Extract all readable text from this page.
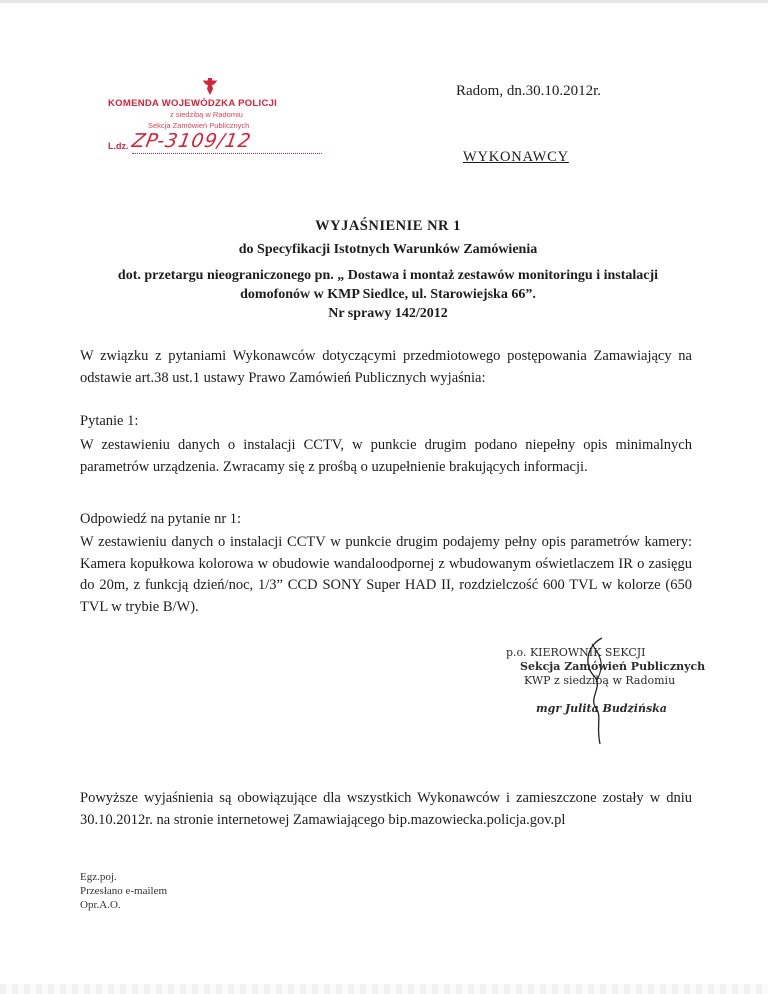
KOMENDA WOJEWÓDZKA POLICJI
z siedzibą w Radomiu
Sekcja Zamówień Publicznych
L.dz. ZP-3109/12
Radom, dn.30.10.2012r.
WYKONAWCY
WYJAŚNIENIE NR 1
do Specyfikacji Istotnych Warunków Zamówienia
dot. przetargu nieograniczonego pn. „ Dostawa i montaż zestawów monitoringu i instalacji
domofonów w KMP Siedlce, ul. Starowiejska 66”.
Nr sprawy 142/2012
W związku z pytaniami Wykonawców dotyczącymi przedmiotowego postępowania Zamawiający na odstawie art.38 ust.1 ustawy Prawo Zamówień Publicznych wyjaśnia:
Pytanie 1:
W zestawieniu danych o instalacji CCTV, w punkcie drugim podano niepełny opis minimalnych parametrów urządzenia. Zwracamy się z prośbą o uzupełnienie brakujących informacji.
Odpowiedź na pytanie nr 1:
W zestawieniu danych o instalacji CCTV w punkcie drugim podajemy pełny opis parametrów kamery: Kamera kopułkowa kolorowa w obudowie wandaloodpornej z wbudowanym oświetlaczem IR o zasięgu do 20m, z funkcją dzień/noc, 1/3” CCD SONY Super HAD II, rozdzielczość 600 TVL w kolorze (650 TVL w trybie B/W).
p.o. KIEROWNIK SEKCJI
Sekcja Zamówień Publicznych
KWP z siedzibą w Radomiu
mgr Julita Budzińska
Powyższe wyjaśnienia są obowiązujące dla wszystkich Wykonawców i zamieszczone zostały w dniu 30.10.2012r. na stronie internetowej Zamawiającego bip.mazowiecka.policja.gov.pl
Egz.poj.
Przesłano e-mailem
Opr.A.O.
